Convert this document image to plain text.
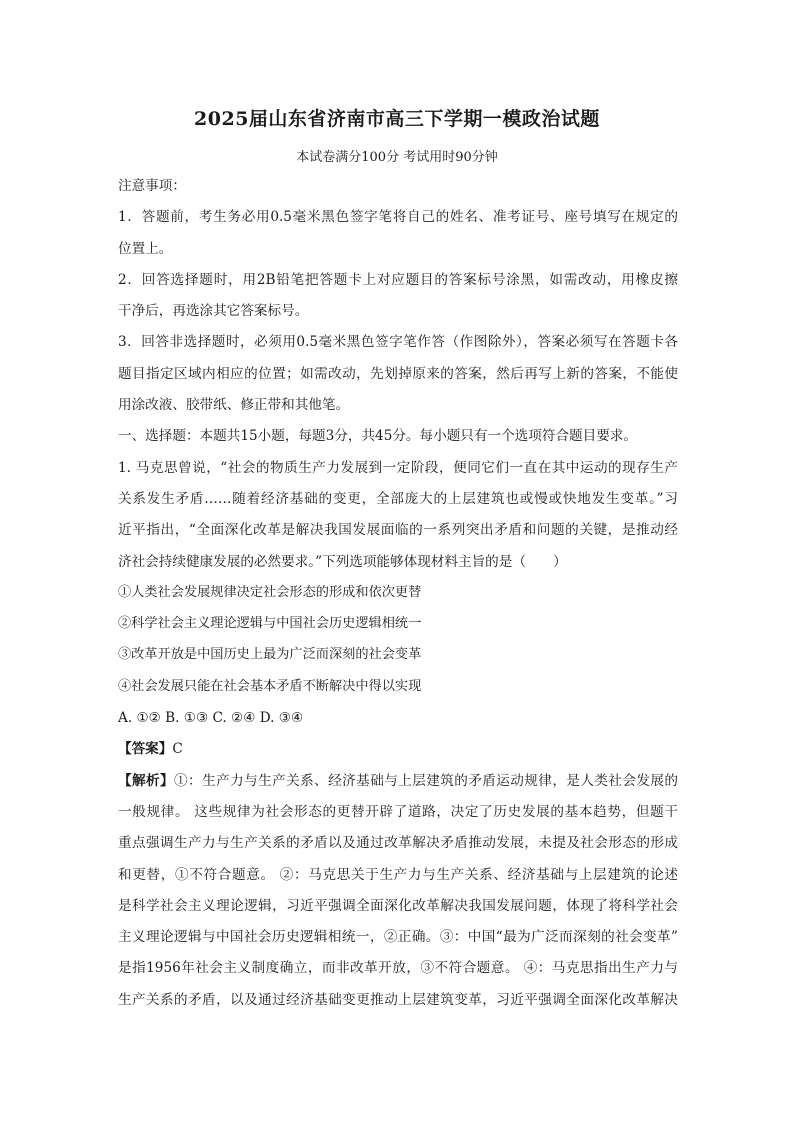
2025届山东省济南市高三下学期一模政治试题
本试卷满分100分 考试用时90分钟
注意事项：
1．答题前，考生务必用0.5毫米黑色签字笔将自己的姓名、准考证号、座号填写在规定的
位置上。
2．回答选择题时，用2B铅笔把答题卡上对应题目的答案标号涂黑，如需改动，用橡皮擦
干净后，再选涂其它答案标号。
3．回答非选择题时，必须用0.5毫米黑色签字笔作答（作图除外），答案必须写在答题卡各
题目指定区域内相应的位置；如需改动，先划掉原来的答案，然后再写上新的答案，不能使
用涂改液、胶带纸、修正带和其他笔。
一、选择题：本题共15小题，每题3分，共45分。每小题只有一个选项符合题目要求。
1. 马克思曾说，“社会的物质生产力发展到一定阶段，便同它们一直在其中运动的现存生产
关系发生矛盾……随着经济基础的变更，全部庞大的上层建筑也或慢或快地发生变革。”习
近平指出，“全面深化改革是解决我国发展面临的一系列突出矛盾和问题的关键，是推动经
济社会持续健康发展的必然要求。”下列选项能够体现材料主旨的是（　　）
①人类社会发展规律决定社会形态的形成和依次更替
②科学社会主义理论逻辑与中国社会历史逻辑相统一
③改革开放是中国历史上最为广泛而深刻的社会变革
④社会发展只能在社会基本矛盾不断解决中得以实现
A. ①② B. ①③ C. ②④ D. ③④
【答案】C
【解析】①：生产力与生产关系、经济基础与上层建筑的矛盾运动规律，是人类社会发展的
一般规律。 这些规律为社会形态的更替开辟了道路，决定了历史发展的基本趋势，但题干
重点强调生产力与生产关系的矛盾以及通过改革解决矛盾推动发展，未提及社会形态的形成
和更替，①不符合题意。 ②：马克思关于生产力与生产关系、经济基础与上层建筑的论述
是科学社会主义理论逻辑，习近平强调全面深化改革解决我国发展问题，体现了将科学社会
主义理论逻辑与中国社会历史逻辑相统一，②正确。③：中国“最为广泛而深刻的社会变革”
是指1956年社会主义制度确立，而非改革开放，③不符合题意。 ④：马克思指出生产力与
生产关系的矛盾，以及通过经济基础变更推动上层建筑变革，习近平强调全面深化改革解决
